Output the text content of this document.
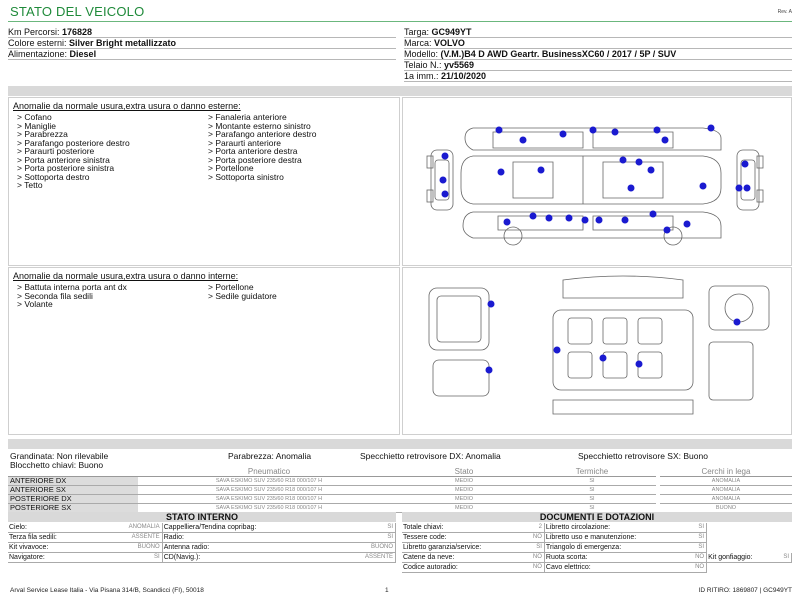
STATO DEL VEICOLO	Rev. A
Km Percorsi: 176828
Colore esterni: Silver Bright metallizzato
Alimentazione: Diesel
Targa: GC949YT
Marca: VOLVO
Modello: (V.M.)B4 D AWD Geartr. BusinessXC60 / 2017 / 5P / SUV
Telaio N.: yv5569
1a imm.: 21/10/2020
Anomalie da normale usura,extra usura o danno esterne:
> Cofano
> Maniglie
> Parabrezza
> Parafango posteriore destro
> Paraurti posteriore
> Porta anteriore sinistra
> Porta posteriore sinistra
> Sottoporta destro
> Tetto
> Fanaleria anteriore
> Montante esterno sinistro
> Parafango anteriore destro
> Paraurti anteriore
> Porta anteriore destra
> Porta posteriore destra
> Portellone
> Sottoporta sinistro
Anomalie da normale usura,extra usura o danno interne:
> Battuta interna porta ant dx
> Seconda fila sedili
> Volante
> Portellone
> Sedile guidatore
Grandinata: Non rilevabile	Parabrezza: Anomalia	Specchietto retrovisore DX: Anomalia	Specchietto retrovisore SX: Buono
Blocchetto chiavi: Buono
	Pneumatico	Stato	Termiche		Cerchi in lega
ANTERIORE DX	SAVA ESKIMO SUV 235/60 R18 000/107 H	MEDIO	SI		ANOMALIA
ANTERIORE SX	SAVA ESKIMO SUV 235/60 R18 000/107 H	MEDIO	SI		ANOMALIA
POSTERIORE DX	SAVA ESKIMO SUV 235/60 R18 000/107 H	MEDIO	SI		ANOMALIA
POSTERIORE SX	SAVA ESKIMO SUV 235/60 R18 000/107 H	MEDIO	SI		BUONO
STATO INTERNO	DOCUMENTI E DOTAZIONI
Cielo:	ANOMALIA	Cappelliera/Tendina copribag:	SI
Terza fila sedili:	ASSENTE	Radio:	SI
Kit vivavoce:	BUONO	Antenna radio:	BUONO
Navigatore:	SI	CD(Navig.):	ASSENTE
Totale chiavi:	2	Libretto circolazione:	SI		
Tessere code:	NO	Libretto uso e manutenzione:	SI		
Libretto garanzia/service:	SI	Triangolo di emergenza:	SI		
Catene da neve:	NO	Ruota scorta:	NO	Kit gonfiaggio:	SI
Codice autoradio:	NO	Cavo elettrico:	NO		
Arval Service Lease Italia - Via Pisana 314/B, Scandicci (FI), 50018	1	ID RITIRO: 1869807 | GC949YT
